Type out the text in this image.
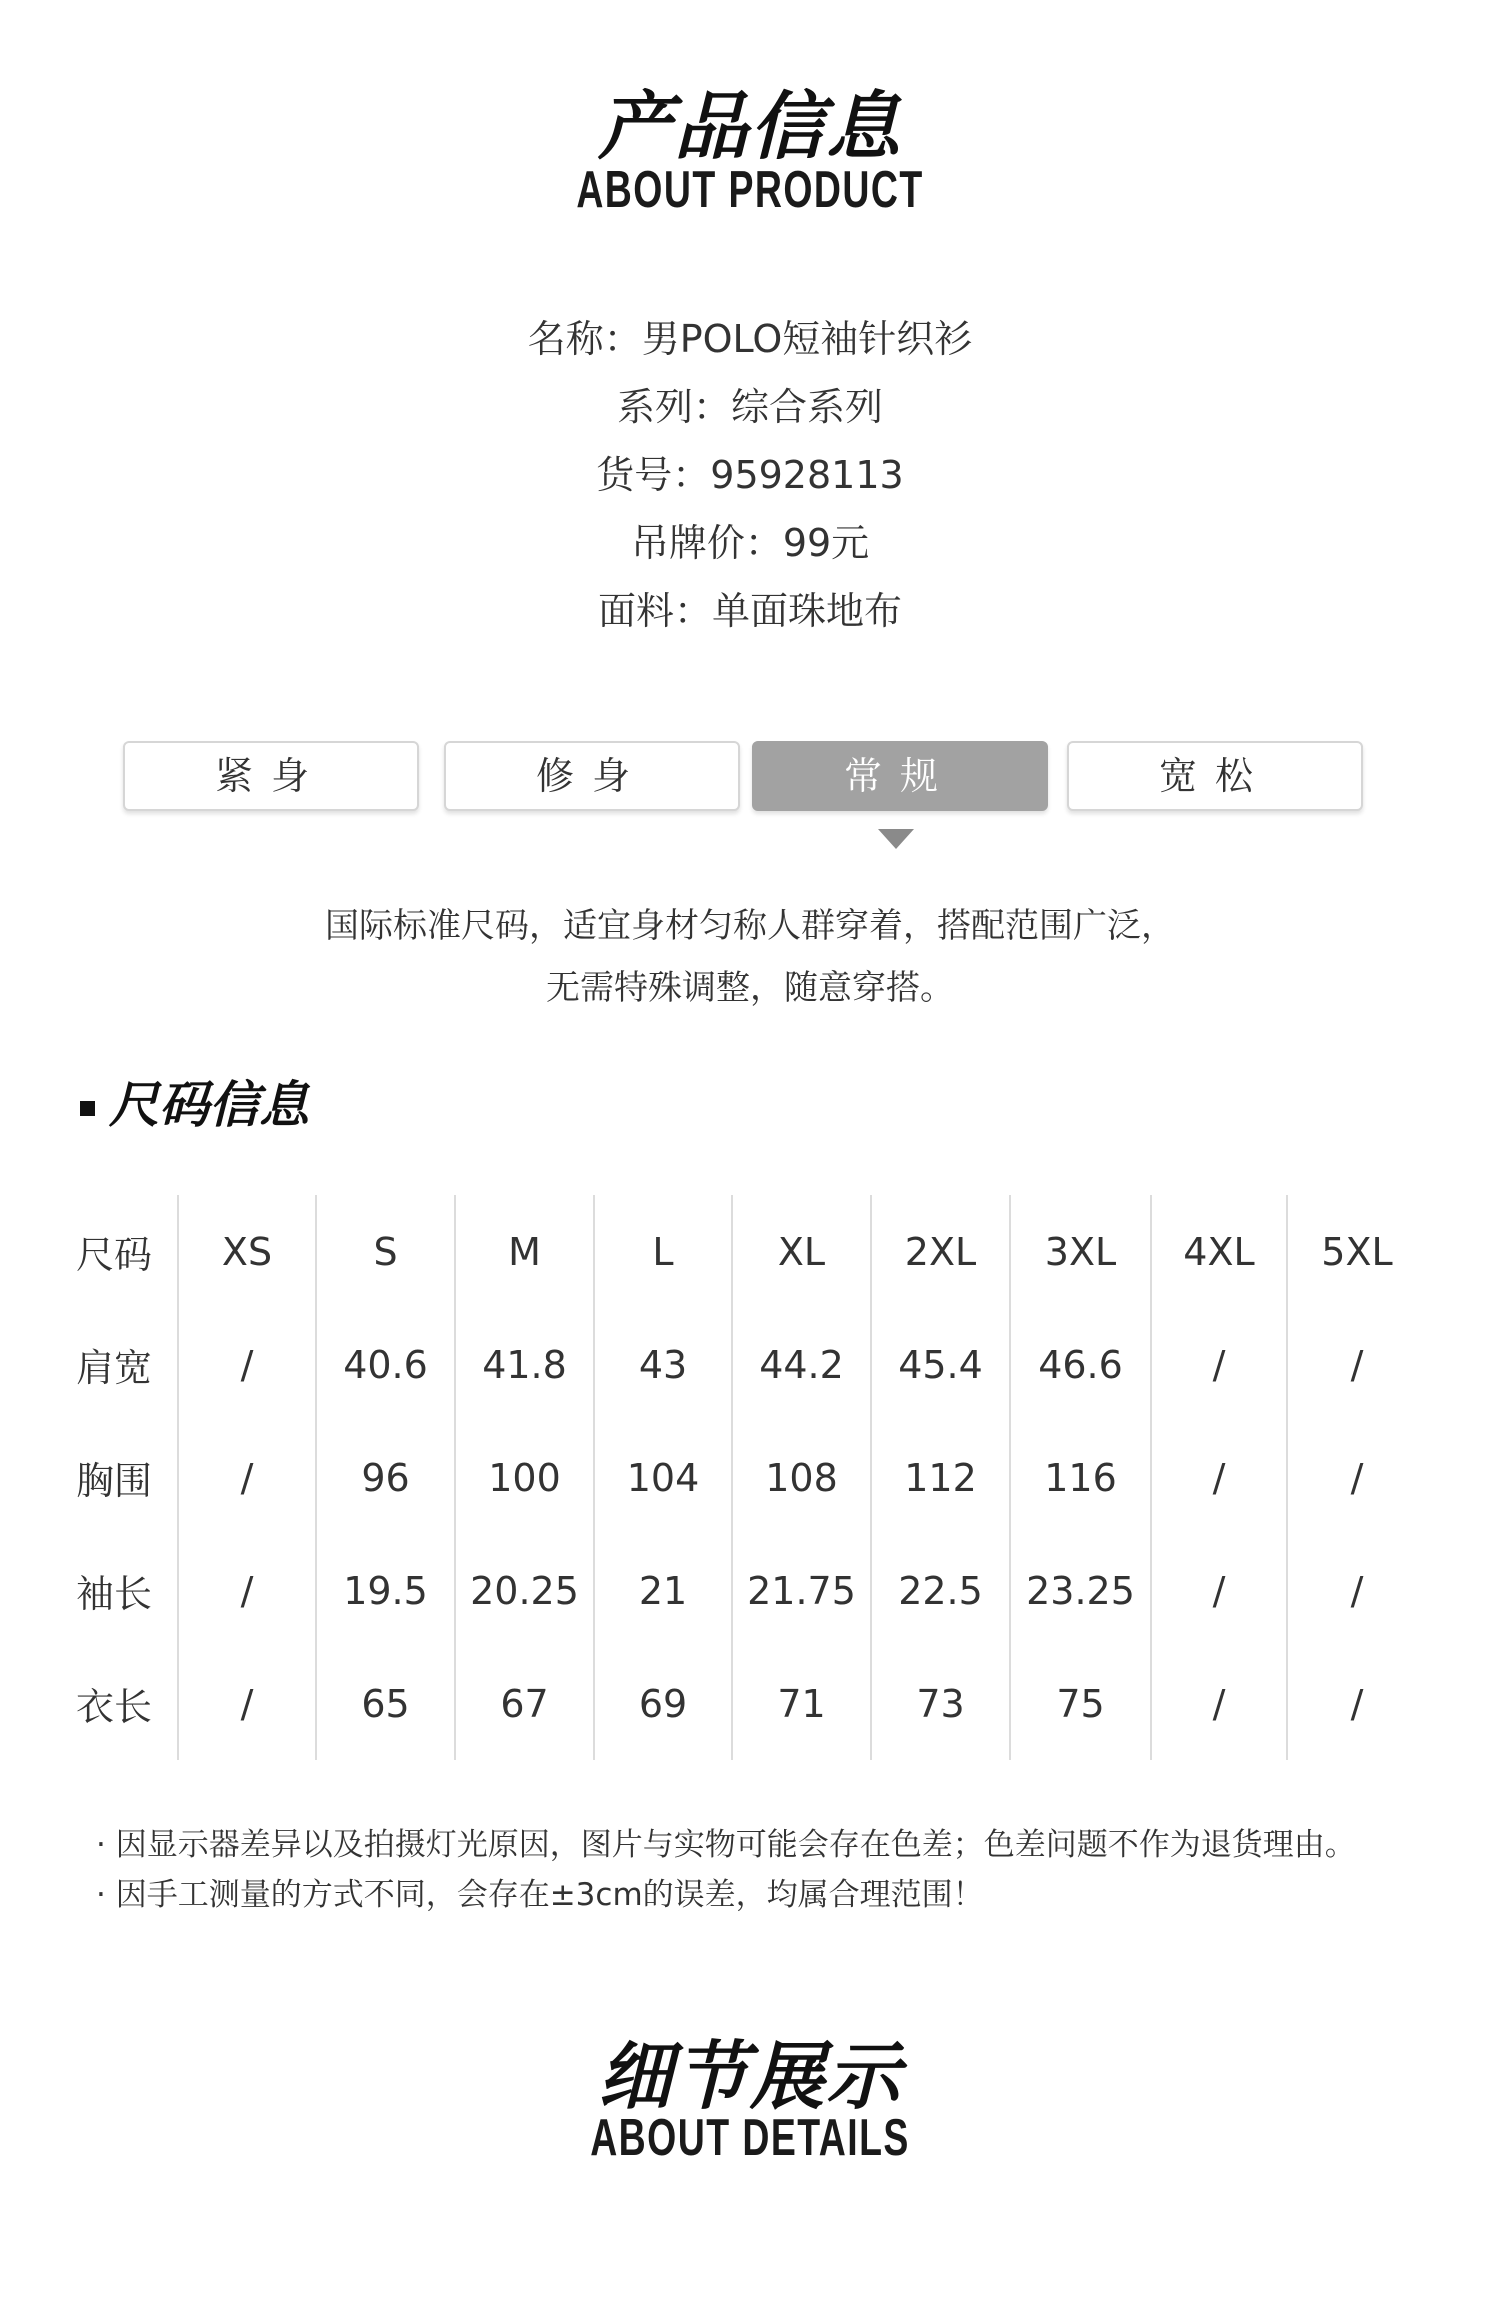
产品信息
ABOUT PRODUCT
名称：男POLO短袖针织衫
系列：综合系列
货号：95928113
吊牌价：99元
面料：单面珠地布
紧身	修身	常规	宽松
国际标准尺码，适宜身材匀称人群穿着，搭配范围广泛，
无需特殊调整，随意穿搭。
尺码信息
尺码	XS	S	M	L	XL	2XL	3XL	4XL	5XL
肩宽	/	40.6	41.8	43	44.2	45.4	46.6	/	/
胸围	/	96	100	104	108	112	116	/	/
袖长	/	19.5	20.25	21	21.75	22.5	23.25	/	/
衣长	/	65	67	69	71	73	75	/	/
· 因显示器差异以及拍摄灯光原因，图片与实物可能会存在色差；色差问题不作为退货理由。
· 因手工测量的方式不同，会存在±3cm的误差，均属合理范围！
细节展示
ABOUT DETAILS
